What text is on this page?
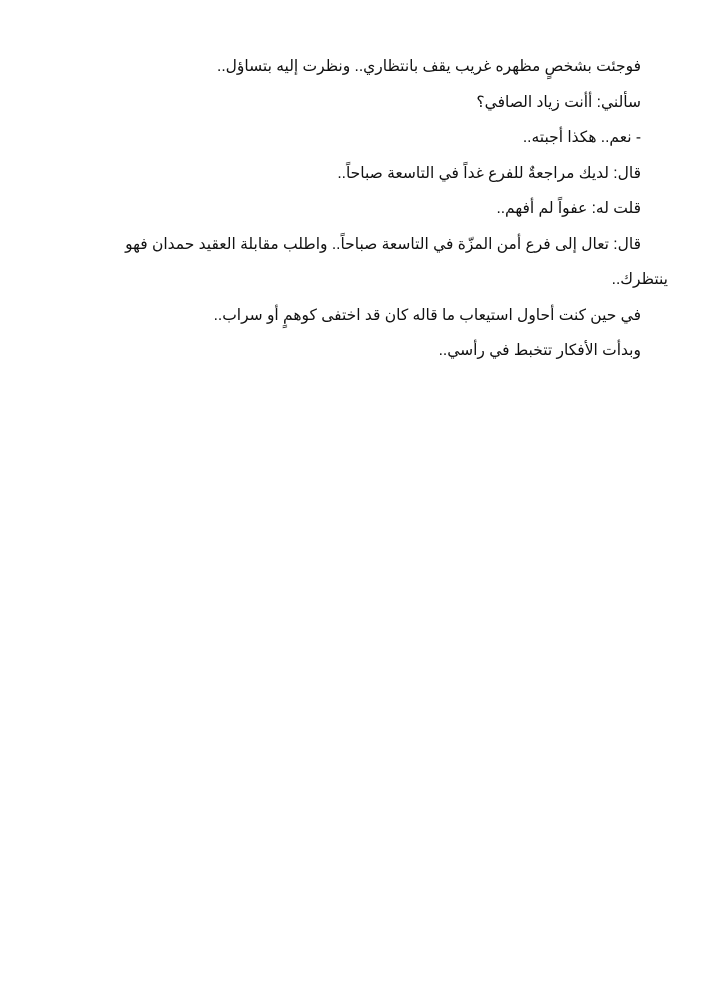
فوجئت بشخصٍ مظهره غريب يقف بانتظاري.. ونظرت إليه بتساؤل..

سألني: أأنت زياد الصافي؟

- نعم.. هكذا أجبته..

قال: لديك مراجعةٌ للفرع غداً في التاسعة صباحاً..

قلت له: عفواً لم أفهم..

قال: تعال إلى فرع أمن المزّة في التاسعة صباحاً.. واطلب مقابلة العقيد حمدان فهو
ينتظرك..

في حين كنت أحاول استيعاب ما قاله كان قد اختفى كوهمٍ أو سراب..

وبدأت الأفكار تتخبط في رأسي..
